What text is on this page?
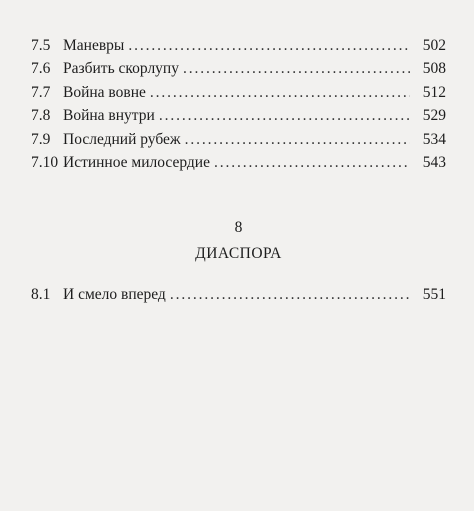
7.5 Маневры . . .	502
7.6 Разбить скорлупу . . .	508
7.7 Война вовне . . .	512
7.8 Война внутри . . .	529
7.9 Последний рубеж . . .	534
7.10 Истинное милосердие . . .	543
8
ДИАСПОРА
8.1 И смело вперед . . .	551
